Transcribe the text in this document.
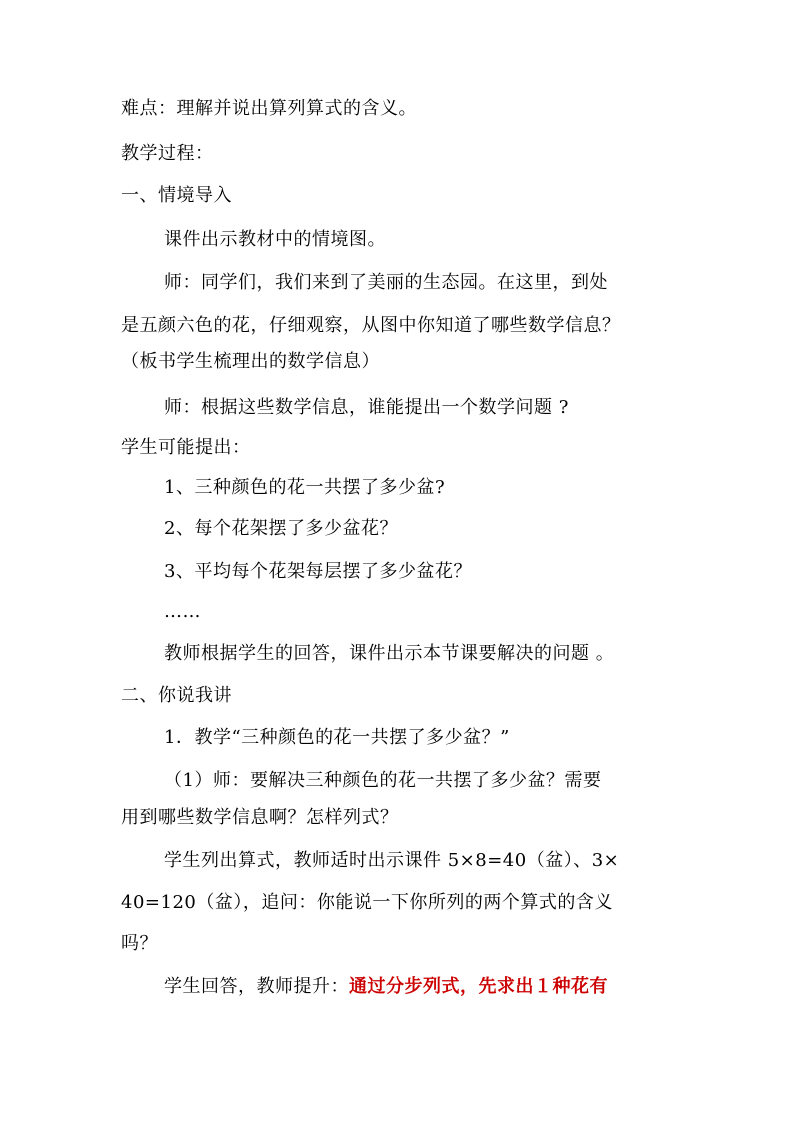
难点：理解并说出算列算式的含义。
教学过程：
一、情境导入
课件出示教材中的情境图。
师：同学们，我们来到了美丽的生态园。在这里，到处
是五颜六色的花，仔细观察，从图中你知道了哪些数学信息？
（板书学生梳理出的数学信息）
师：根据这些数学信息，谁能提出一个数学问题 ?
学生可能提出：
1、三种颜色的花一共摆了多少盆?
2、每个花架摆了多少盆花？
3、平均每个花架每层摆了多少盆花？
……
教师根据学生的回答，课件出示本节课要解决的问题 。
二、你说我讲
1．教学“三种颜色的花一共摆了多少盆？”
（1）师：要解决三种颜色的花一共摆了多少盆？需要
用到哪些数学信息啊？怎样列式？
学生列出算式，教师适时出示课件 5×8=40（盆）、3×
40=120（盆），追问：你能说一下你所列的两个算式的含义
吗？
学生回答，教师提升：通过分步列式，先求出１种花有
